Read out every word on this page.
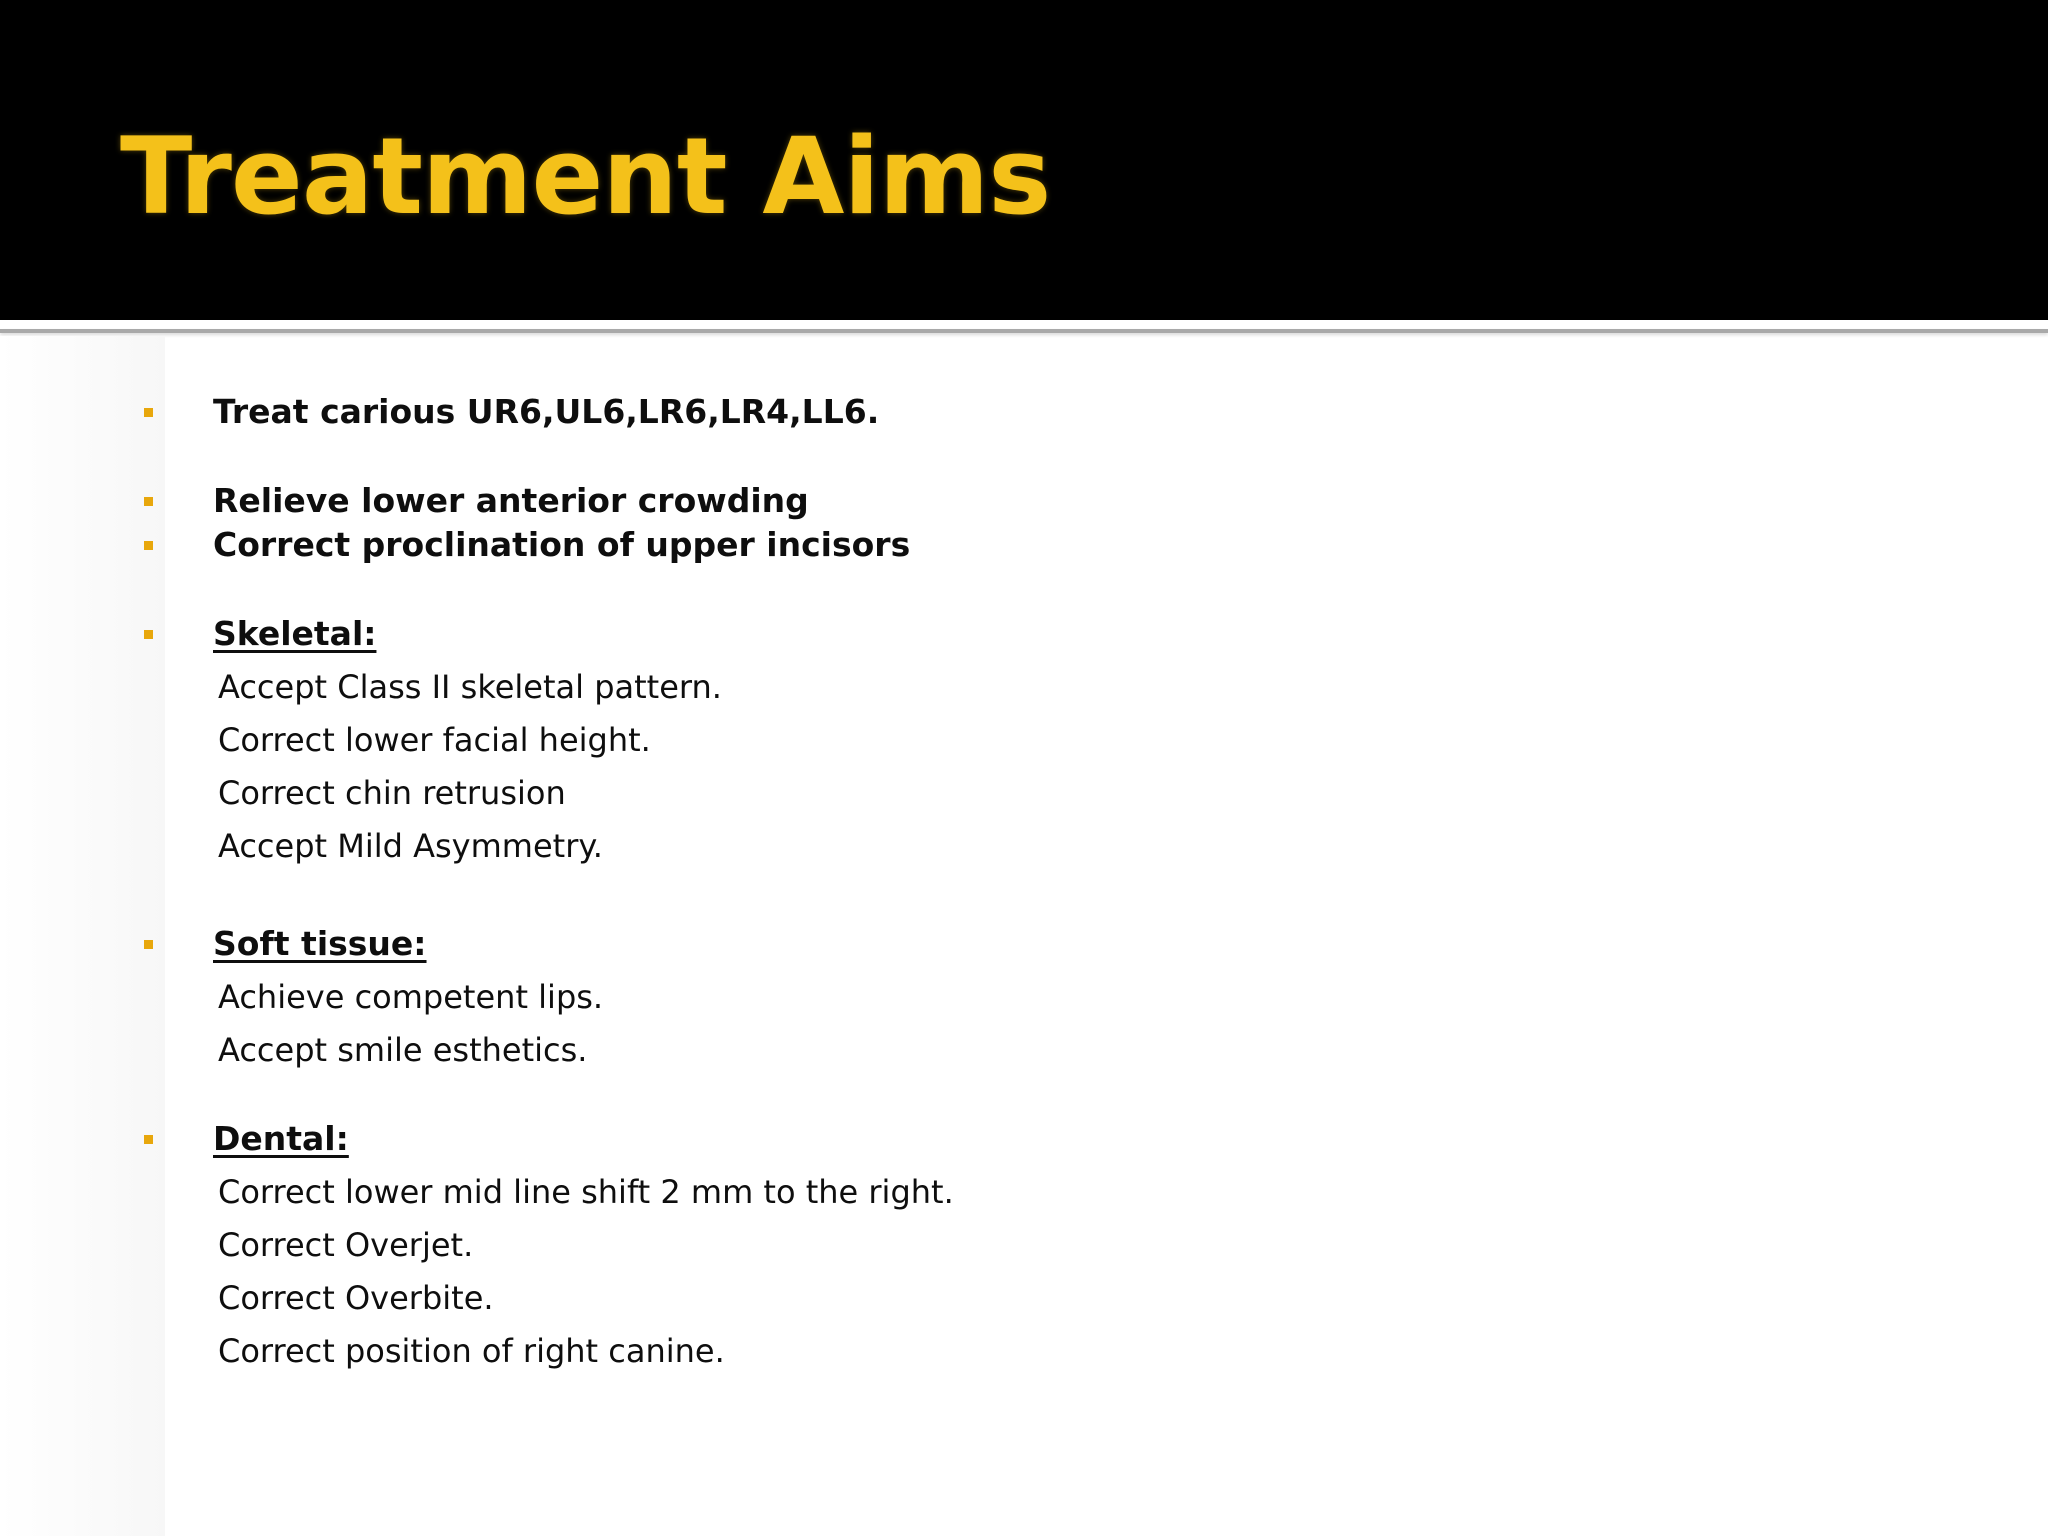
Treatment Aims
Treat carious UR6,UL6,LR6,LR4,LL6.
Relieve lower anterior crowding
Correct proclination of upper incisors
Skeletal:
Accept Class II skeletal pattern.
Correct lower facial height.
Correct chin retrusion
Accept Mild Asymmetry.
Soft tissue:
Achieve competent lips.
Accept smile esthetics.
Dental:
Correct lower mid line shift 2 mm to the right.
Correct Overjet.
Correct Overbite.
Correct position of right canine.
